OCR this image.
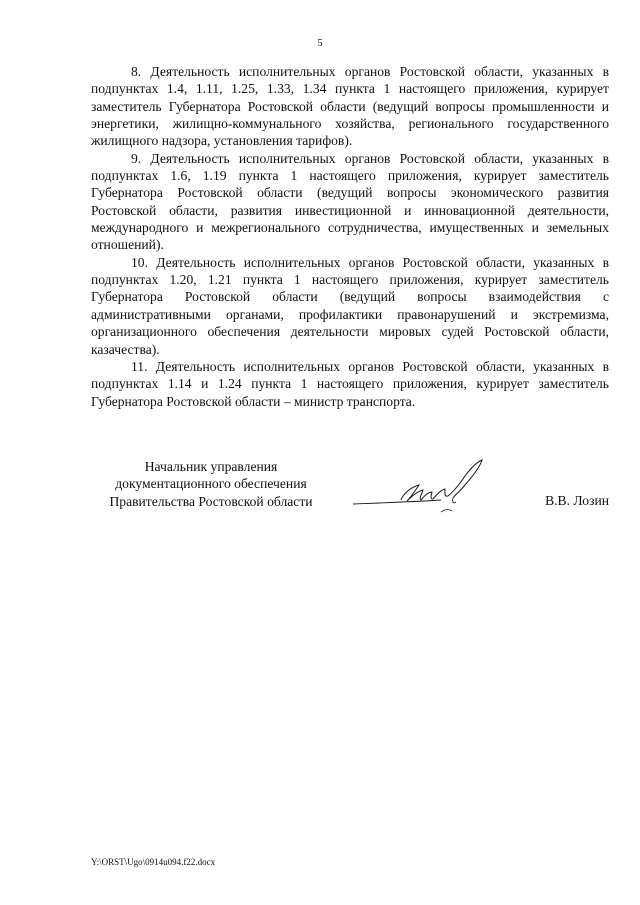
5

8. Деятельность исполнительных органов Ростовской области, указанных в подпунктах 1.4, 1.11, 1.25, 1.33, 1.34 пункта 1 настоящего приложения, курирует заместитель Губернатора Ростовской области (ведущий вопросы промышленности и энергетики, жилищно-коммунального хозяйства, регионального государственного жилищного надзора, установления тарифов).

9. Деятельность исполнительных органов Ростовской области, указанных в подпунктах 1.6, 1.19 пункта 1 настоящего приложения, курирует заместитель Губернатора Ростовской области (ведущий вопросы экономического развития Ростовской области, развития инвестиционной и инновационной деятельности, международного и межрегионального сотрудничества, имущественных и земельных отношений).

10. Деятельность исполнительных органов Ростовской области, указанных в подпунктах 1.20, 1.21 пункта 1 настоящего приложения, курирует заместитель Губернатора Ростовской области (ведущий вопросы взаимодействия с административными органами, профилактики правонарушений и экстремизма, организационного обеспечения деятельности мировых судей Ростовской области, казачества).

11. Деятельность исполнительных органов Ростовской области, указанных в подпунктах 1.14 и 1.24 пункта 1 настоящего приложения, курирует заместитель Губернатора Ростовской области – министр транспорта.

Начальник управления
документационного обеспечения
Правительства Ростовской области	В.В. Лозин
Y:\ORST\Ugo\0914u094.f22.docx
